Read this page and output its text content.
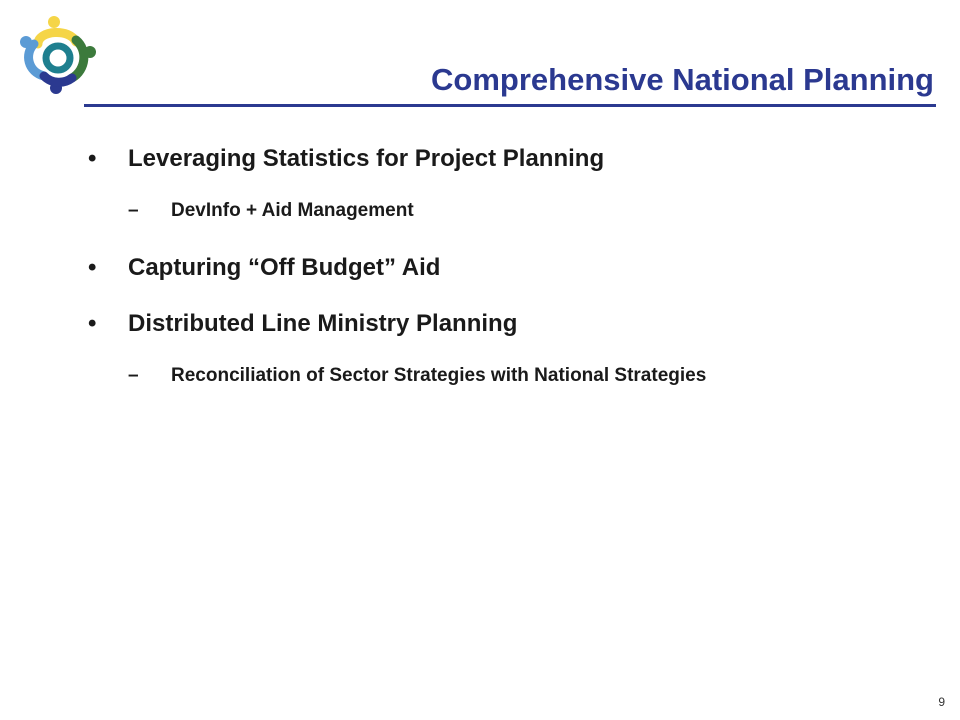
Comprehensive National Planning
• Leveraging Statistics for Project Planning
– DevInfo + Aid Management
• Capturing “Off Budget” Aid
• Distributed Line Ministry Planning
– Reconciliation of Sector Strategies with National Strategies
9
